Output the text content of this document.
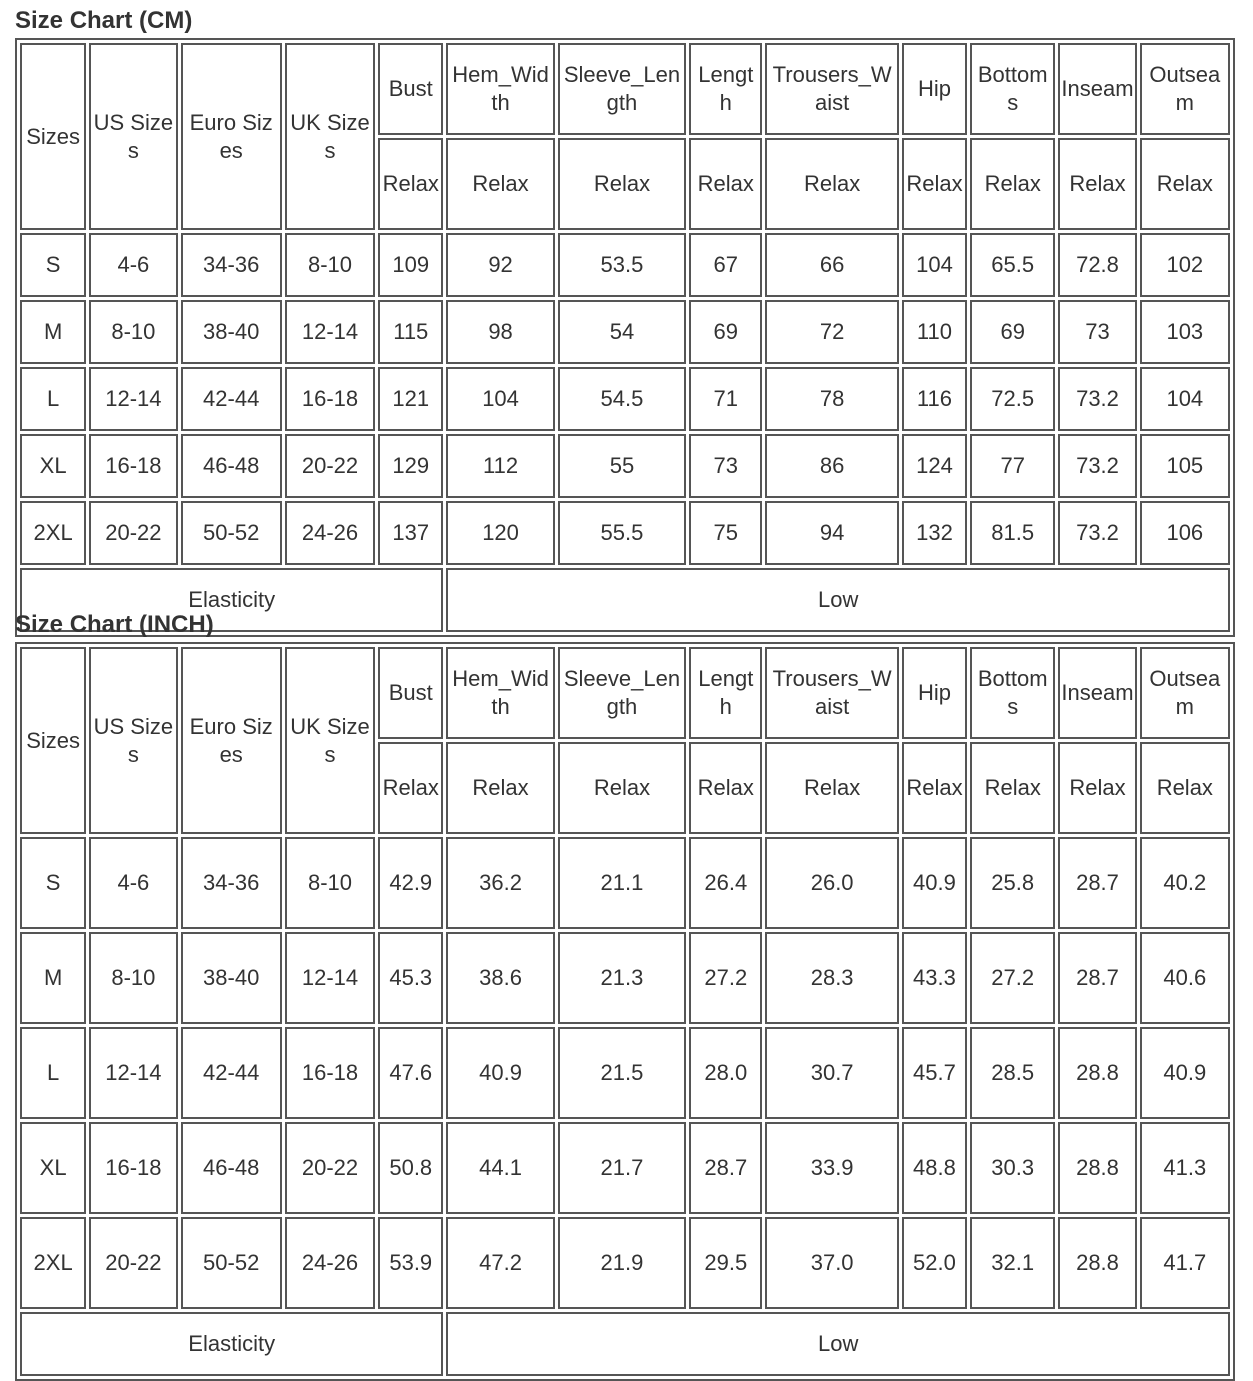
Size Chart (CM)
Sizes	US Sizes	Euro Sizes	UK Sizes	Bust	Hem_Width	Sleeve_Length	Length	Trousers_Waist	Hip	Bottoms	Inseam	Outseam
				Relax	Relax	Relax	Relax	Relax	Relax	Relax	Relax	Relax
S	4-6	34-36	8-10	109	92	53.5	67	66	104	65.5	72.8	102
M	8-10	38-40	12-14	115	98	54	69	72	110	69	73	103
L	12-14	42-44	16-18	121	104	54.5	71	78	116	72.5	73.2	104
XL	16-18	46-48	20-22	129	112	55	73	86	124	77	73.2	105
2XL	20-22	50-52	24-26	137	120	55.5	75	94	132	81.5	73.2	106
Elasticity					Low							
Size Chart (INCH)
Sizes	US Sizes	Euro Sizes	UK Sizes	Bust	Hem_Width	Sleeve_Length	Length	Trousers_Waist	Hip	Bottoms	Inseam	Outseam
				Relax	Relax	Relax	Relax	Relax	Relax	Relax	Relax	Relax
S	4-6	34-36	8-10	42.9	36.2	21.1	26.4	26.0	40.9	25.8	28.7	40.2
M	8-10	38-40	12-14	45.3	38.6	21.3	27.2	28.3	43.3	27.2	28.7	40.6
L	12-14	42-44	16-18	47.6	40.9	21.5	28.0	30.7	45.7	28.5	28.8	40.9
XL	16-18	46-48	20-22	50.8	44.1	21.7	28.7	33.9	48.8	30.3	28.8	41.3
2XL	20-22	50-52	24-26	53.9	47.2	21.9	29.5	37.0	52.0	32.1	28.8	41.7
Elasticity					Low							
